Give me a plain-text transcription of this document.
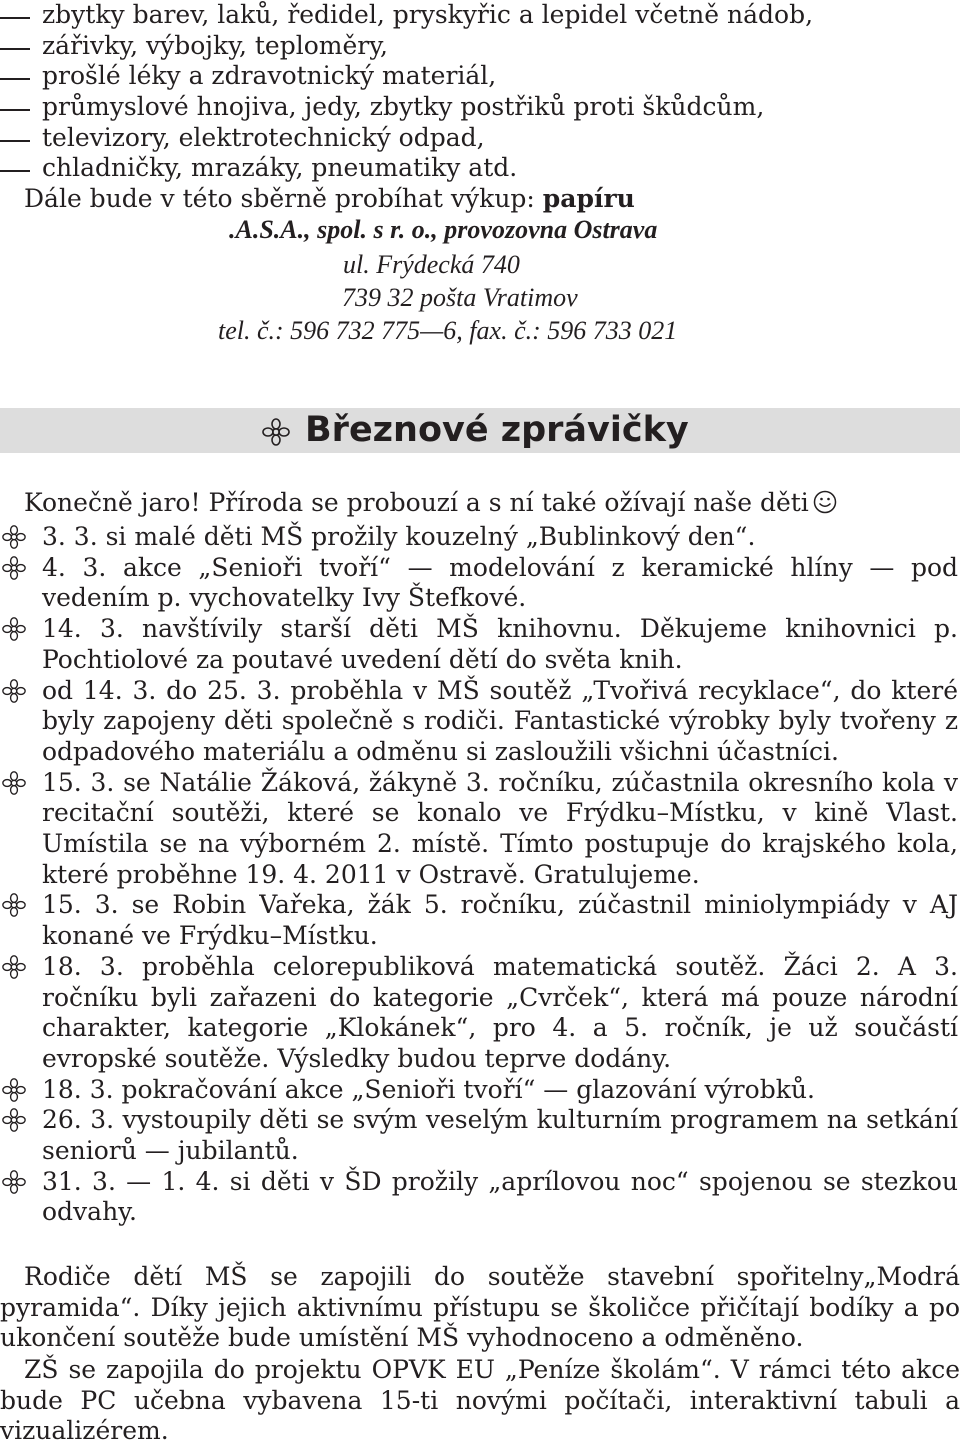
zbytky barev, laků, ředidel, pryskyřic a lepidel včetně nádob,
zářivky, výbojky, teploměry,
prošlé léky a zdravotnický materiál,
průmyslové hnojiva, jedy, zbytky postřiků proti škůdcům,
televizory, elektrotechnický odpad,
chladničky, mrazáky, pneumatiky atd.
Dále bude v této sběrně probíhat výkup: papíru
.A.S.A., spol. s r. o., provozovna Ostrava
ul. Frýdecká 740
739 32 pošta Vratimov
tel. č.: 596 732 775—6, fax. č.: 596 733 021
Březnové zprávičky
Konečně jaro! Příroda se probouzí a s ní také ožívají naše děti
3. 3. si malé děti MŠ prožily kouzelný „Bublinkový den“.
4. 3. akce „Senioři tvoří“ — modelování z keramické hlíny — pod vedením p. vychovatelky Ivy Štefkové.
14. 3. navštívily starší děti MŠ knihovnu. Děkujeme knihovnici p. Pochtiolové za poutavé uvedení dětí do světa knih.
od 14. 3. do 25. 3. proběhla v MŠ soutěž „Tvořivá recyklace“, do které byly zapojeny děti společně s rodiči. Fantastické výrobky byly tvořeny z odpadového materiálu a odměnu si zasloužili všichni účastníci.
15. 3. se Natálie Žáková, žákyně 3. ročníku, zúčastnila okresního kola v recitační soutěži, které se konalo ve Frýdku–Místku, v kině Vlast. Umístila se na výborném 2. místě. Tímto postupuje do krajského kola, které proběhne 19. 4. 2011 v Ostravě. Gratulujeme.
15. 3. se Robin Vařeka, žák 5. ročníku, zúčastnil miniolympiády v AJ konané ve Frýdku–Místku.
18. 3. proběhla celorepubliková matematická soutěž. Žáci 2. A 3. ročníku byli zařazeni do kategorie „Cvrček“, která má pouze národní charakter, kategorie „Klokánek“, pro 4. a 5. ročník, je už součástí evropské soutěže. Výsledky budou teprve dodány.
18. 3. pokračování akce „Senioři tvoří“ — glazování výrobků.
26. 3. vystoupily děti se svým veselým kulturním programem na setkání seniorů — jubilantů.
31. 3. — 1. 4. si děti v ŠD prožily „aprílovou noc“ spojenou se stezkou odvahy.
Rodiče dětí MŠ se zapojili do soutěže stavební spořitelny„Modrá pyramida“. Díky jejich aktivnímu přístupu se školičce přičítají bodíky a po ukončení soutěže bude umístění MŠ vyhodnoceno a odměněno.
ZŠ se zapojila do projektu OPVK EU „Peníze školám“. V rámci této akce bude PC učebna vybavena 15-ti novými počítači, interaktivní tabuli a vizualizérem.
